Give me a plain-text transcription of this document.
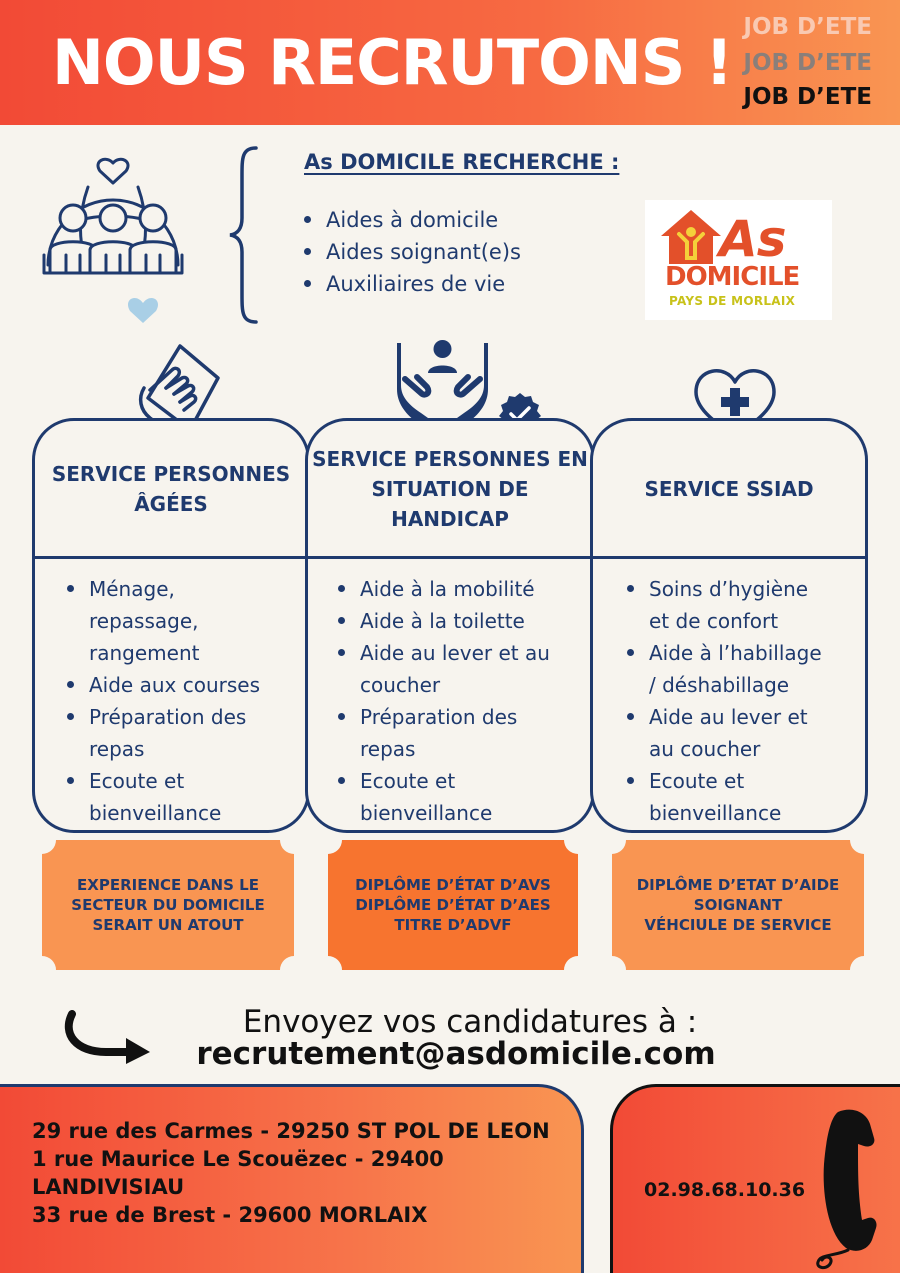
NOUS RECRUTONS ! JOB D’ETE
JOB D’ETE
JOB D’ETE
As DOMICILE RECHERCHE :
Aides à domicile
Aides soignant(e)s
Auxiliaires de vie
As
DOMICILE
PAYS DE MORLAIX
SERVICE PERSONNES ÂGÉES
Ménage, repassage, rangement
Aide aux courses
Préparation des repas
Ecoute et bienveillance
SERVICE PERSONNES EN SITUATION DE HANDICAP
Aide à la mobilité
Aide à la toilette
Aide au lever et au coucher
Préparation des repas
Ecoute et bienveillance
SERVICE SSIAD
Soins d’hygiène et de confort
Aide à l’habillage / déshabillage
Aide au lever et au coucher
Ecoute et bienveillance
EXPERIENCE DANS LE
SECTEUR DU DOMICILE
SERAIT UN ATOUT
DIPLÔME D’ÉTAT D’AVS
DIPLÔME D’ÉTAT D’AES
TITRE D’ADVF
DIPLÔME D’ETAT D’AIDE
SOIGNANT
VÉHCIULE DE SERVICE
Envoyez vos candidatures à :
recrutement@asdomicile.com
29 rue des Carmes - 29250 ST POL DE LEON
1 rue Maurice Le Scouëzec - 29400 LANDIVISIAU
33 rue de Brest - 29600 MORLAIX
02.98.68.10.36
